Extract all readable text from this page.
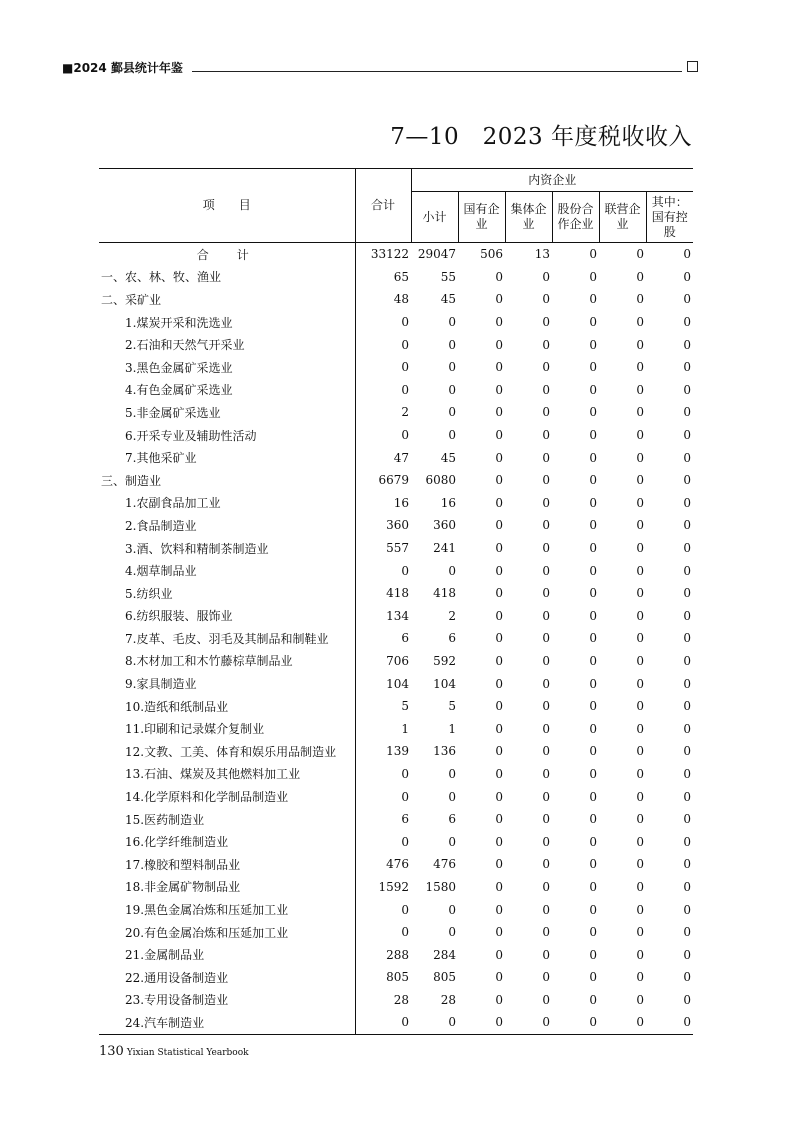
■2024 鄞县统计年鉴
7—10　2023 年度税收收入
项　　目	合计	内资企业					
		小计	国有企业	集体企业	股份合作企业	联营企业	其中：国有控股
合　计	33122	29047	506	13	0	0	0
一、农、林、牧、渔业	65	55	0	0	0	0	0
二、采矿业	48	45	0	0	0	0	0
1.煤炭开采和洗选业	0	0	0	0	0	0	0
2.石油和天然气开采业	0	0	0	0	0	0	0
3.黑色金属矿采选业	0	0	0	0	0	0	0
4.有色金属矿采选业	0	0	0	0	0	0	0
5.非金属矿采选业	2	0	0	0	0	0	0
6.开采专业及辅助性活动	0	0	0	0	0	0	0
7.其他采矿业	47	45	0	0	0	0	0
三、制造业	6679	6080	0	0	0	0	0
1.农副食品加工业	16	16	0	0	0	0	0
2.食品制造业	360	360	0	0	0	0	0
3.酒、饮料和精制茶制造业	557	241	0	0	0	0	0
4.烟草制品业	0	0	0	0	0	0	0
5.纺织业	418	418	0	0	0	0	0
6.纺织服装、服饰业	134	2	0	0	0	0	0
7.皮革、毛皮、羽毛及其制品和制鞋业	6	6	0	0	0	0	0
8.木材加工和木竹藤棕草制品业	706	592	0	0	0	0	0
9.家具制造业	104	104	0	0	0	0	0
10.造纸和纸制品业	5	5	0	0	0	0	0
11.印刷和记录媒介复制业	1	1	0	0	0	0	0
12.文教、工美、体育和娱乐用品制造业	139	136	0	0	0	0	0
13.石油、煤炭及其他燃料加工业	0	0	0	0	0	0	0
14.化学原料和化学制品制造业	0	0	0	0	0	0	0
15.医药制造业	6	6	0	0	0	0	0
16.化学纤维制造业	0	0	0	0	0	0	0
17.橡胶和塑料制品业	476	476	0	0	0	0	0
18.非金属矿物制品业	1592	1580	0	0	0	0	0
19.黑色金属冶炼和压延加工业	0	0	0	0	0	0	0
20.有色金属冶炼和压延加工业	0	0	0	0	0	0	0
21.金属制品业	288	284	0	0	0	0	0
22.通用设备制造业	805	805	0	0	0	0	0
23.专用设备制造业	28	28	0	0	0	0	0
24.汽车制造业	0	0	0	0	0	0	0
130 Yixian Statistical Yearbook
